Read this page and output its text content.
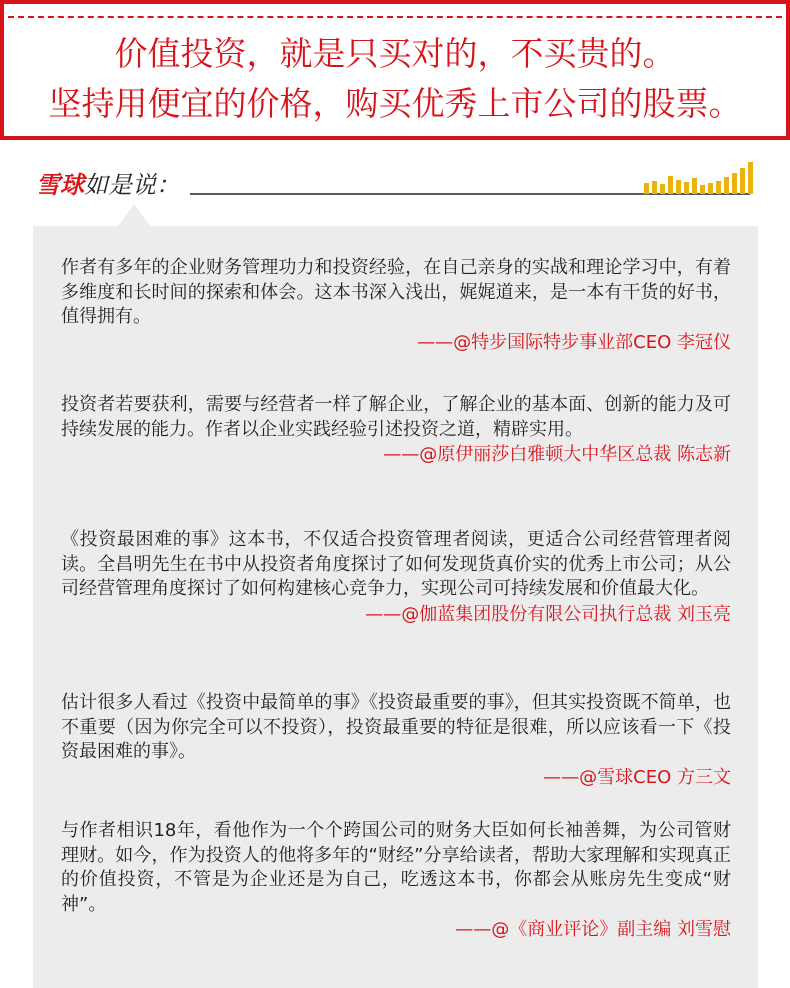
价值投资，就是只买对的，不买贵的。
坚持用便宜的价格，购买优秀上市公司的股票。
雪球如是说：

作者有多年的企业财务管理功力和投资经验，在自己亲身的实战和理论学习中，有着多维度和长时间的探索和体会。这本书深入浅出，娓娓道来，是一本有干货的好书，值得拥有。

——@特步国际特步事业部CEO 李冠仪

投资者若要获利，需要与经营者一样了解企业，了解企业的基本面、创新的能力及可持续发展的能力。作者以企业实践经验引述投资之道，精辟实用。

——@原伊丽莎白雅顿大中华区总裁 陈志新

《投资最困难的事》这本书，不仅适合投资管理者阅读，更适合公司经营管理者阅读。全昌明先生在书中从投资者角度探讨了如何发现货真价实的优秀上市公司；从公司经营管理角度探讨了如何构建核心竞争力，实现公司可持续发展和价值最大化。

——@伽蓝集团股份有限公司执行总裁 刘玉亮

估计很多人看过《投资中最简单的事》《投资最重要的事》，但其实投资既不简单，也不重要（因为你完全可以不投资），投资最重要的特征是很难，所以应该看一下《投资最困难的事》。

——@雪球CEO 方三文

与作者相识18年，看他作为一个个跨国公司的财务大臣如何长袖善舞，为公司管财理财。如今，作为投资人的他将多年的“财经”分享给读者，帮助大家理解和实现真正的价值投资，不管是为企业还是为自己，吃透这本书，你都会从账房先生变成“财神”。

——@《商业评论》副主编 刘雪慰
